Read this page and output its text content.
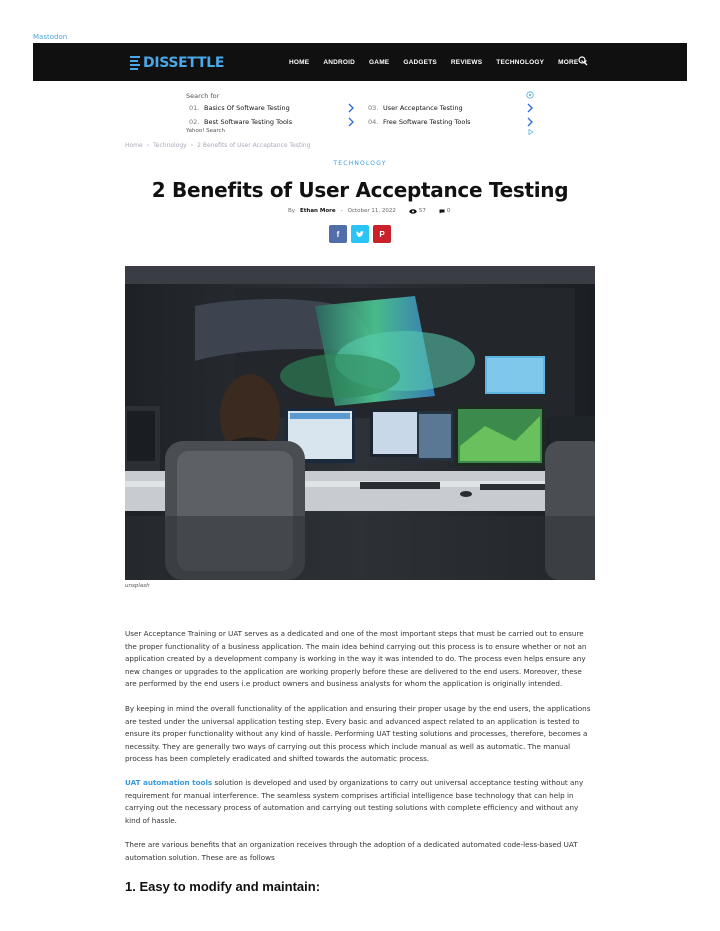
Mastodon
DISSETTLE	HOME ANDROID GAME GADGETS REVIEWS TECHNOLOGY MORE
Search for
01. Basics Of Software Testing
02. Best Software Testing Tools
03. User Acceptance Testing
04. Free Software Testing Tools
Yahoo! Search
Home › Technology › 2 Benefits of User Acceptance Testing
TECHNOLOGY
2 Benefits of User Acceptance Testing
By Ethan More - October 11, 2022	57	0
f	P
unsplash
User Acceptance Training or UAT serves as a dedicated and one of the most important steps that must be carried out to ensure the proper functionality of a business application. The main idea behind carrying out this process is to ensure whether or not an application created by a development company is working in the way it was intended to do. The process even helps ensure any new changes or upgrades to the application are working properly before these are delivered to the end users. Moreover, these are performed by the end users i.e product owners and business analysts for whom the application is originally intended.
By keeping in mind the overall functionality of the application and ensuring their proper usage by the end users, the applications are tested under the universal application testing step. Every basic and advanced aspect related to an application is tested to ensure its proper functionality without any kind of hassle. Performing UAT testing solutions and processes, therefore, becomes a necessity. They are generally two ways of carrying out this process which include manual as well as automatic. The manual process has been completely eradicated and shifted towards the automatic process.
UAT automation tools solution is developed and used by organizations to carry out universal acceptance testing without any requirement for manual interference. The seamless system comprises artificial intelligence base technology that can help in carrying out the necessary process of automation and carrying out testing solutions with complete efficiency and without any kind of hassle.
There are various benefits that an organization receives through the adoption of a dedicated automated code-less-based UAT automation solution. These are as follows
1. Easy to modify and maintain:
